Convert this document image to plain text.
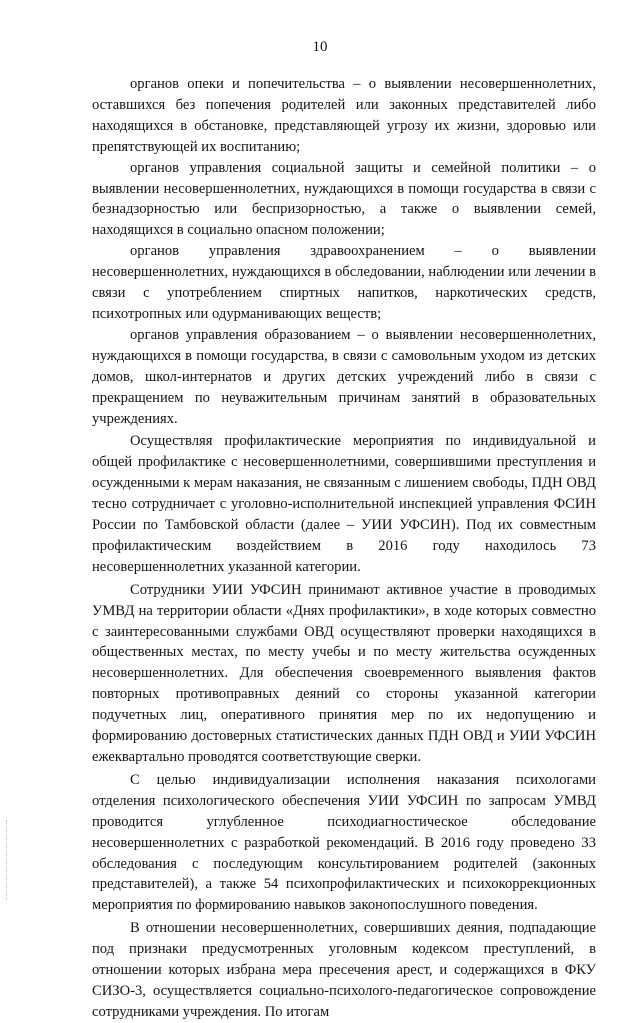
10

органов опеки и попечительства – о выявлении несовершеннолетних, оставшихся без попечения родителей или законных представителей либо находящихся в обстановке, представляющей угрозу их жизни, здоровью или препятствующей их воспитанию;

органов управления социальной защиты и семейной политики – о выявлении несовершеннолетних, нуждающихся в помощи государства в связи с безнадзорностью или беспризорностью, а также о выявлении семей, находящихся в социально опасном положении;

органов управления здравоохранением – о выявлении несовершеннолетних, нуждающихся в обследовании, наблюдении или лечении в связи с употреблением спиртных напитков, наркотических средств, психотропных или одурманивающих веществ;

органов управления образованием – о выявлении несовершеннолетних, нуждающихся в помощи государства, в связи с самовольным уходом из детских домов, школ-интернатов и других детских учреждений либо в связи с прекращением по неуважительным причинам занятий в образовательных учреждениях.

Осуществляя профилактические мероприятия по индивидуальной и общей профилактике с несовершеннолетними, совершившими преступления и осужденными к мерам наказания, не связанным с лишением свободы, ПДН ОВД тесно сотрудничает с уголовно-исполнительной инспекцией управления ФСИН России по Тамбовской области (далее – УИИ УФСИН). Под их совместным профилактическим воздействием в 2016 году находилось 73 несовершеннолетних указанной категории.

Сотрудники УИИ УФСИН принимают активное участие в проводимых УМВД на территории области «Днях профилактики», в ходе которых совместно с заинтересованными службами ОВД осуществляют проверки находящихся в общественных местах, по месту учебы и по месту жительства осужденных несовершеннолетних. Для обеспечения своевременного выявления фактов повторных противоправных деяний со стороны указанной категории подучетных лиц, оперативного принятия мер по их недопущению и формированию достоверных статистических данных ПДН ОВД и УИИ УФСИН ежеквартально проводятся соответствующие сверки.

С целью индивидуализации исполнения наказания психологами отделения психологического обеспечения УИИ УФСИН по запросам УМВД проводится углубленное психодиагностическое обследование несовершеннолетних с разработкой рекомендаций. В 2016 году проведено 33 обследования с последующим консультированием родителей (законных представителей), а также 54 психопрофилактических и психокоррекционных мероприятия по формированию навыков законопослушного поведения.

В отношении несовершеннолетних, совершивших деяния, подпадающие под признаки предусмотренных уголовным кодексом преступлений, в отношении которых избрана мера пресечения арест, и содержащихся в ФКУ СИЗО-3, осуществляется социально-психолого-педагогическое сопровождение сотрудниками учреждения. По итогам
